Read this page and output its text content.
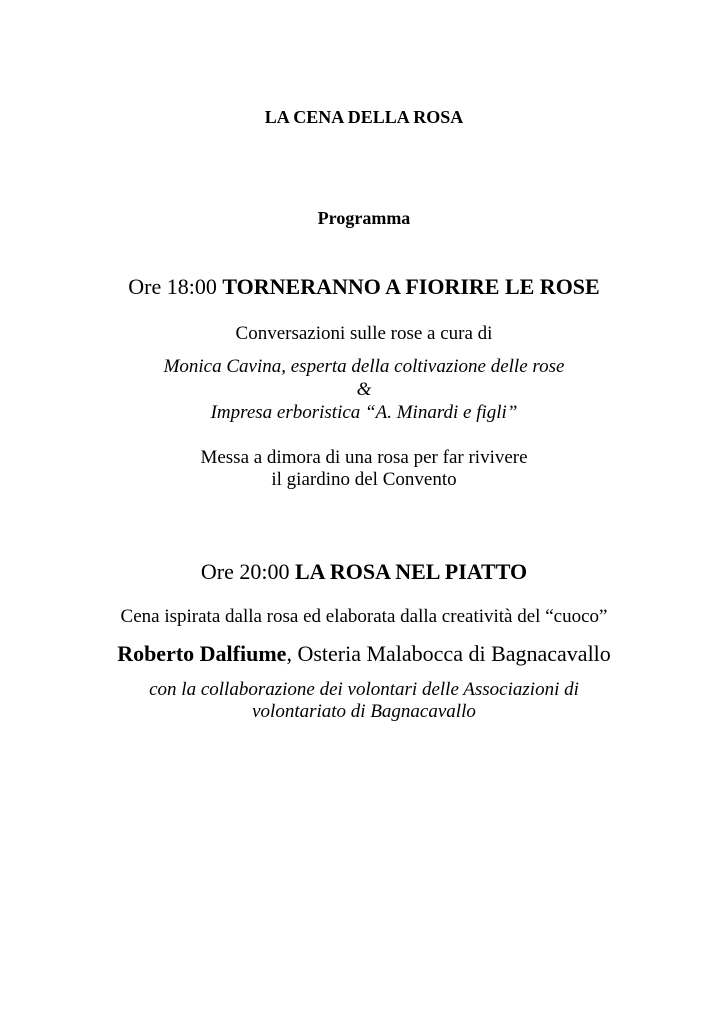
LA CENA DELLA ROSA
Programma
Ore 18:00 TORNERANNO A FIORIRE LE ROSE
Conversazioni sulle rose a cura di
Monica Cavina, esperta della coltivazione delle rose
&
Impresa erboristica “A. Minardi e figli”
Messa a dimora di una rosa per far rivivere
il giardino del Convento
Ore 20:00 LA ROSA NEL PIATTO
Cena ispirata dalla rosa ed elaborata dalla creatività del “cuoco”
Roberto Dalfiume, Osteria Malabocca di Bagnacavallo
con la collaborazione dei volontari delle Associazioni di
volontariato di Bagnacavallo
